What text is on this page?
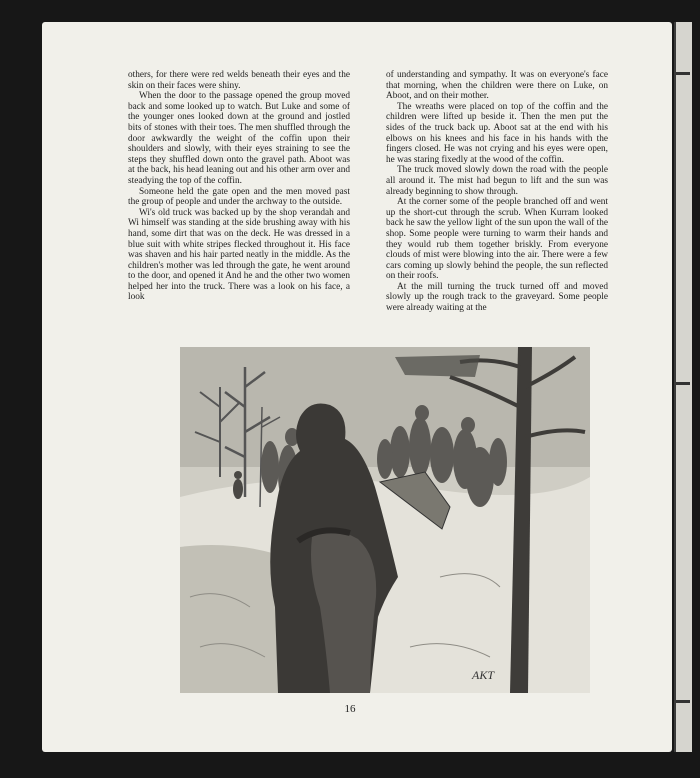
others, for there were red welds beneath their eyes and the skin on their faces were shiny.

When the door to the passage opened the group moved back and some looked up to watch. But Luke and some of the younger ones looked down at the ground and jostled bits of stones with their toes. The men shuffled through the door awkwardly the weight of the coffin upon their shoulders and slowly, with their eyes straining to see the steps they shuffled down onto the gravel path. Aboot was at the back, his head leaning out and his other arm over and steadying the top of the coffin.

Someone held the gate open and the men moved past the group of people and under the archway to the outside.

Wi's old truck was backed up by the shop verandah and Wi himself was standing at the side brushing away with his hand, some dirt that was on the deck. He was dressed in a blue suit with white stripes flecked throughout it. His face was shaven and his hair parted neatly in the middle. As the children's mother was led through the gate, he went around to the door, and opened it And he and the other two women helped her into the truck. There was a look on his face, a look

of understanding and sympathy. It was on everyone's face that morning, when the children were there on Luke, on Aboot, and on their mother.

The wreaths were placed on top of the coffin and the children were lifted up beside it. Then the men put the sides of the truck back up. Aboot sat at the end with his elbows on his knees and his face in his hands with the fingers closed. He was not crying and his eyes were open, he was staring fixedly at the wood of the coffin.

The truck moved slowly down the road with the people all around it. The mist had begun to lift and the sun was already beginning to show through.

At the corner some of the people branched off and went up the short-cut through the scrub. When Kurram looked back he saw the yellow light of the sun upon the wall of the shop. Some people were turning to warm their hands and they would rub them together briskly. From everyone clouds of mist were blowing into the air. There were a few cars coming up slowly behind the people, the sun reflected on their roofs.

At the mill turning the truck turned off and moved slowly up the rough track to the graveyard. Some people were already waiting at the

AKT
16
